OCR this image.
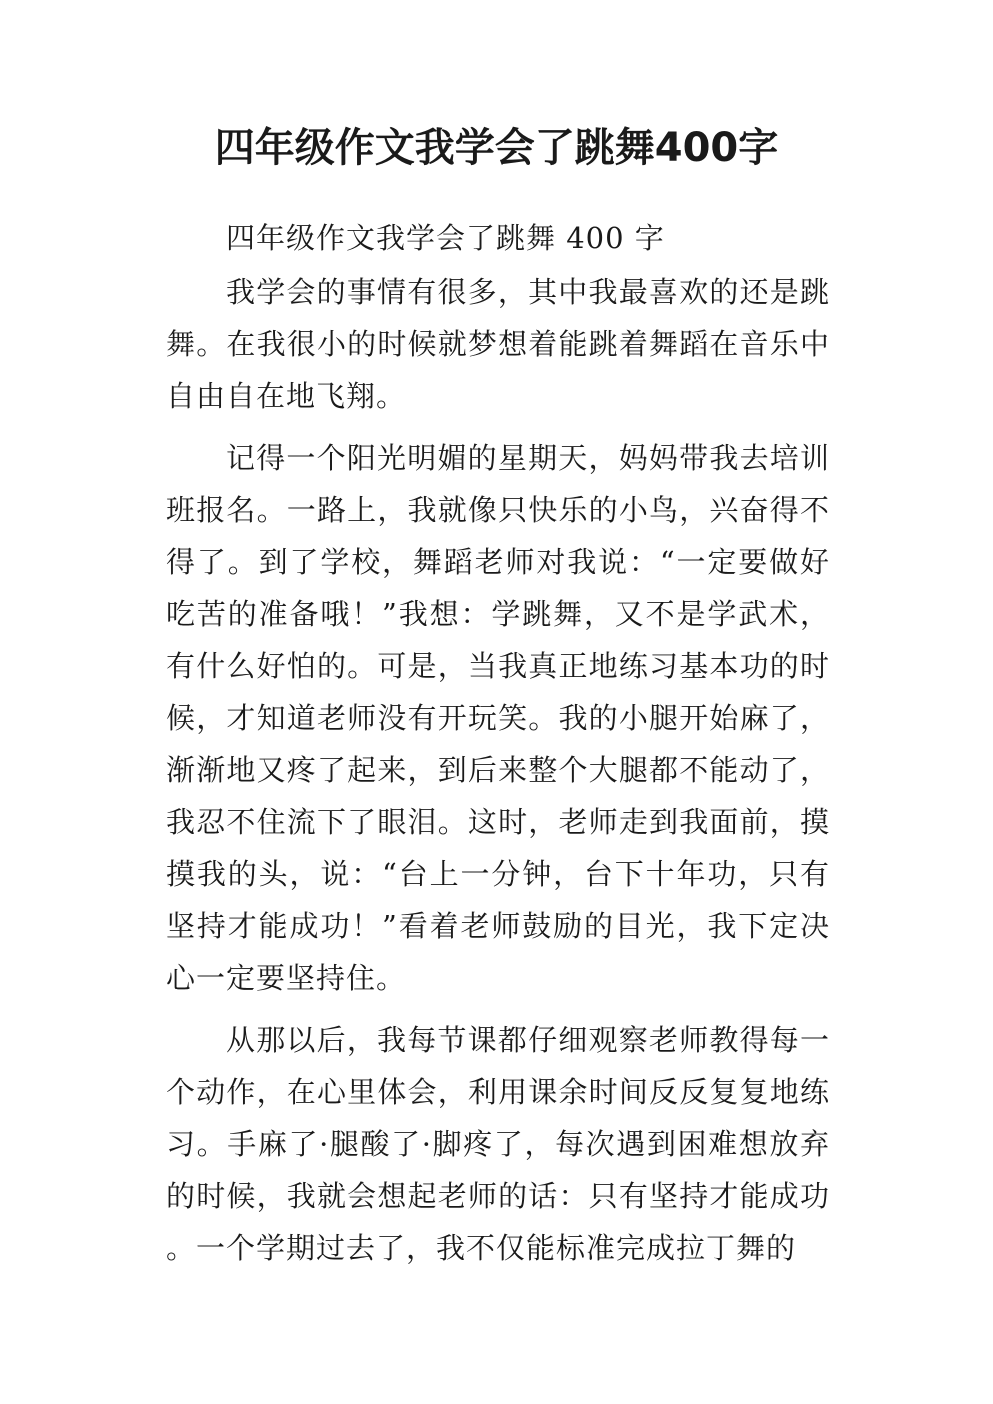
四年级作文我学会了跳舞400字

四年级作文我学会了跳舞 400 字

我学会的事情有很多，其中我最喜欢的还是跳舞。在我很小的时候就梦想着能跳着舞蹈在音乐中自由自在地飞翔。

记得一个阳光明媚的星期天，妈妈带我去培训班报名。一路上，我就像只快乐的小鸟，兴奋得不得了。到了学校，舞蹈老师对我说：“一定要做好吃苦的准备哦！”我想：学跳舞，又不是学武术，有什么好怕的。可是，当我真正地练习基本功的时候，才知道老师没有开玩笑。我的小腿开始麻了，渐渐地又疼了起来，到后来整个大腿都不能动了，我忍不住流下了眼泪。这时，老师走到我面前，摸摸我的头，说：“台上一分钟，台下十年功，只有坚持才能成功！”看着老师鼓励的目光，我下定决心一定要坚持住。

从那以后，我每节课都仔细观察老师教得每一个动作，在心里体会，利用课余时间反反复复地练习。手麻了·腿酸了·脚疼了，每次遇到困难想放弃的时候，我就会想起老师的话：只有坚持才能成功。一个学期过去了，我不仅能标准完成拉丁舞的
